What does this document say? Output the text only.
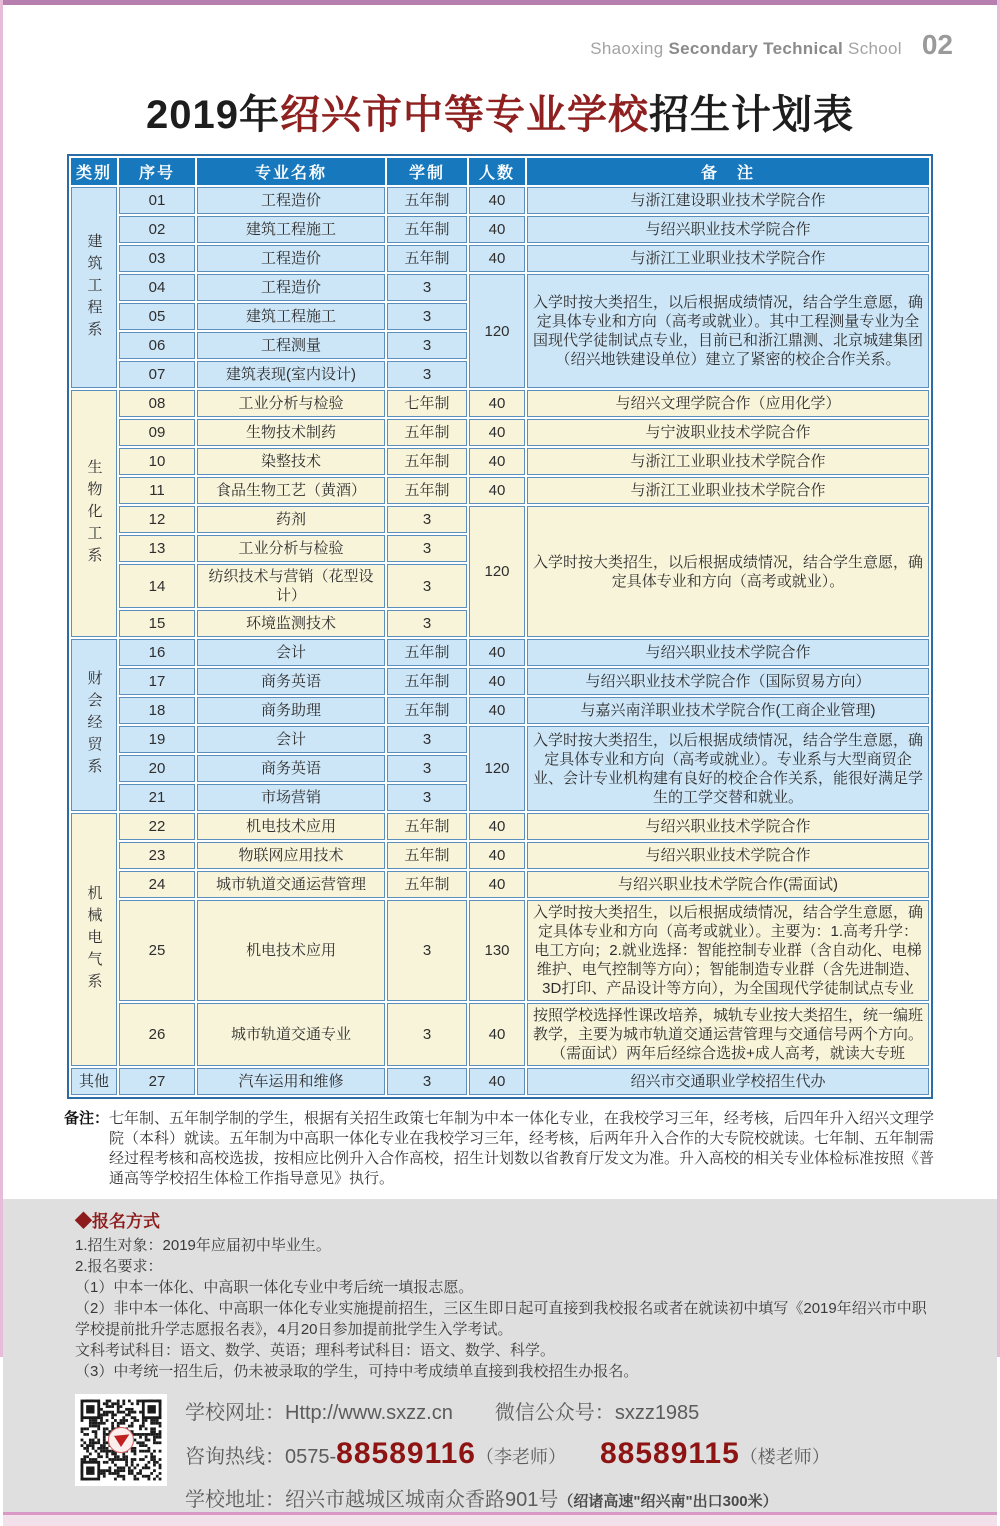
Shaoxing Secondary Technical School 02
2019年绍兴市中等专业学校招生计划表
类别	序号	专业名称	学制	人数	备　注
建筑工程系	01	工程造价	五年制	40	与浙江建设职业技术学院合作
	02	建筑工程施工	五年制	40	与绍兴职业技术学院合作
	03	工程造价	五年制	40	与浙江工业职业技术学院合作
	04	工程造价	3	120	入学时按大类招生，以后根据成绩情况，结合学生意愿，确定具体专业和方向（高考或就业）。其中工程测量专业为全国现代学徒制试点专业，目前已和浙江鼎测、北京城建集团（绍兴地铁建设单位）建立了紧密的校企合作关系。
	05	建筑工程施工	3		
	06	工程测量	3		
	07	建筑表现(室内设计)	3		
生物化工系	08	工业分析与检验	七年制	40	与绍兴文理学院合作（应用化学）
	09	生物技术制药	五年制	40	与宁波职业技术学院合作
	10	染整技术	五年制	40	与浙江工业职业技术学院合作
	11	食品生物工艺（黄酒）	五年制	40	与浙江工业职业技术学院合作
	12	药剂	3	120	入学时按大类招生，以后根据成绩情况，结合学生意愿，确定具体专业和方向（高考或就业）。
	13	工业分析与检验	3		
	14	纺织技术与营销（花型设计）	3		
	15	环境监测技术	3		
财会经贸系	16	会计	五年制	40	与绍兴职业技术学院合作
	17	商务英语	五年制	40	与绍兴职业技术学院合作（国际贸易方向）
	18	商务助理	五年制	40	与嘉兴南洋职业技术学院合作(工商企业管理)
	19	会计	3	120	入学时按大类招生，以后根据成绩情况，结合学生意愿，确定具体专业和方向（高考或就业）。专业系与大型商贸企业、会计专业机构建有良好的校企合作关系，能很好满足学生的工学交替和就业。
	20	商务英语	3		
	21	市场营销	3		
机械电气系	22	机电技术应用	五年制	40	与绍兴职业技术学院合作
	23	物联网应用技术	五年制	40	与绍兴职业技术学院合作
	24	城市轨道交通运营管理	五年制	40	与绍兴职业技术学院合作(需面试)
	25	机电技术应用	3	130	入学时按大类招生，以后根据成绩情况，结合学生意愿，确定具体专业和方向（高考或就业）。主要为：1.高考升学：电工方向；2.就业选择：智能控制专业群（含自动化、电梯维护、电气控制等方向）；智能制造专业群（含先进制造、3D打印、产品设计等方向），为全国现代学徒制试点专业
	26	城市轨道交通专业	3	40	按照学校选择性课改培养，城轨专业按大类招生，统一编班教学，主要为城市轨道交通运营管理与交通信号两个方向。（需面试）两年后经综合选拔+成人高考，就读大专班
其他	27	汽车运用和维修	3	40	绍兴市交通职业学校招生代办
备注： 七年制、五年制学制的学生，根据有关招生政策七年制为中本一体化专业，在我校学习三年，经考核，后四年升入绍兴文理学院（本科）就读。五年制为中高职一体化专业在我校学习三年，经考核，后两年升入合作的大专院校就读。七年制、五年制需经过程考核和高校选拔，按相应比例升入合作高校，招生计划数以省教育厅发文为准。升入高校的相关专业体检标准按照《普通高等学校招生体检工作指导意见》执行。
◆报名方式
1.招生对象：2019年应届初中毕业生。
2.报名要求：
（1）中本一体化、中高职一体化专业中考后统一填报志愿。
（2）非中本一体化、中高职一体化专业实施提前招生，三区生即日起可直接到我校报名或者在就读初中填写《2019年绍兴市中职学校提前批升学志愿报名表》，4月20日参加提前批学生入学考试。
文科考试科目：语文、数学、英语；理科考试科目：语文、数学、科学。
（3）中考统一招生后，仍未被录取的学生，可持中考成绩单直接到我校招生办报名。
学校网址：Http://www.sxzz.cn 微信公众号：sxzz1985
咨询热线：0575-88589116（李老师） 88589115（楼老师）
学校地址：绍兴市越城区城南众香路901号（绍诸高速"绍兴南"出口300米）
